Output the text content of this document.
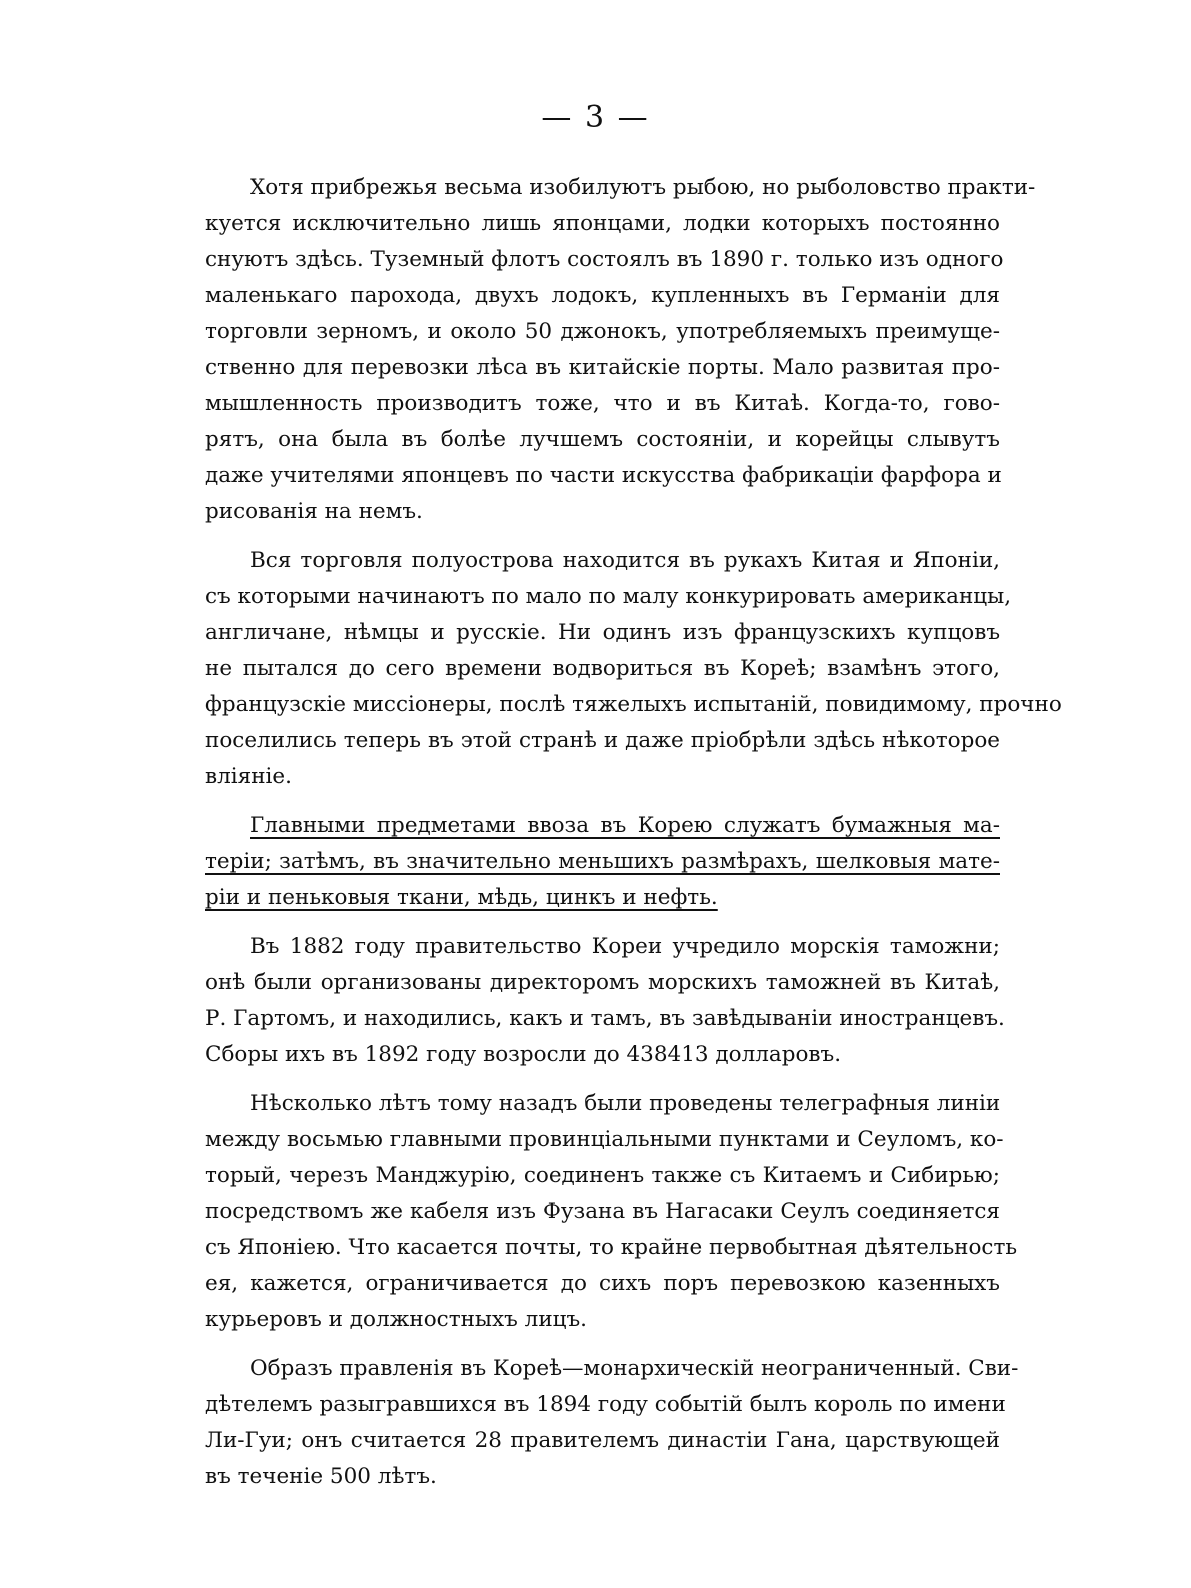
— 3 —
Хотя прибрежья весьма изобилуютъ рыбою, но рыболовство практи-
куется исключительно лишь японцами, лодки которыхъ постоянно
снуютъ здѣсь. Туземный флотъ состоялъ въ 1890 г. только изъ одного
маленькаго парохода, двухъ лодокъ, купленныхъ въ Германіи для
торговли зерномъ, и около 50 джонокъ, употребляемыхъ преимуще-
ственно для перевозки лѣса въ китайскіе порты. Мало развитая про-
мышленность производитъ тоже, что и въ Китаѣ. Когда-то, гово-
рятъ, она была въ болѣе лучшемъ состояніи, и корейцы слывутъ
даже учителями японцевъ по части искусства фабрикаціи фарфора и
рисованія на немъ.
Вся торговля полуострова находится въ рукахъ Китая и Японіи,
съ которыми начинаютъ по мало по малу конкурировать американцы,
англичане, нѣмцы и русскіе. Ни одинъ изъ французскихъ купцовъ
не пытался до сего времени водвориться въ Кореѣ; взамѣнъ этого,
французскіе миссіонеры, послѣ тяжелыхъ испытаній, повидимому, прочно
поселились теперь въ этой странѣ и даже пріобрѣли здѣсь нѣкоторое
вліяніе.
Главными предметами ввоза въ Корею служатъ бумажныя ма-
теріи; затѣмъ, въ значительно меньшихъ размѣрахъ, шелковыя мате-
ріи и пеньковыя ткани, мѣдь, цинкъ и нефть.
Въ 1882 году правительство Кореи учредило морскія таможни;
онѣ были организованы директоромъ морскихъ таможней въ Китаѣ,
Р. Гартомъ, и находились, какъ и тамъ, въ завѣдываніи иностранцевъ.
Сборы ихъ въ 1892 году возросли до 438413 долларовъ.
Нѣсколько лѣтъ тому назадъ были проведены телеграфныя линіи
между восьмью главными провинціальными пунктами и Сеуломъ, ко-
торый, черезъ Манджурію, соединенъ также съ Китаемъ и Сибирью;
посредствомъ же кабеля изъ Фузана въ Нагасаки Сеулъ соединяется
съ Японіею. Что касается почты, то крайне первобытная дѣятельность
ея, кажется, ограничивается до сихъ поръ перевозкою казенныхъ
курьеровъ и должностныхъ лицъ.
Образъ правленія въ Кореѣ—монархическій неограниченный. Сви-
дѣтелемъ разыгравшихся въ 1894 году событій былъ король по имени
Ли-Гуи; онъ считается 28 правителемъ династіи Гана, царствующей
въ теченіе 500 лѣтъ.
